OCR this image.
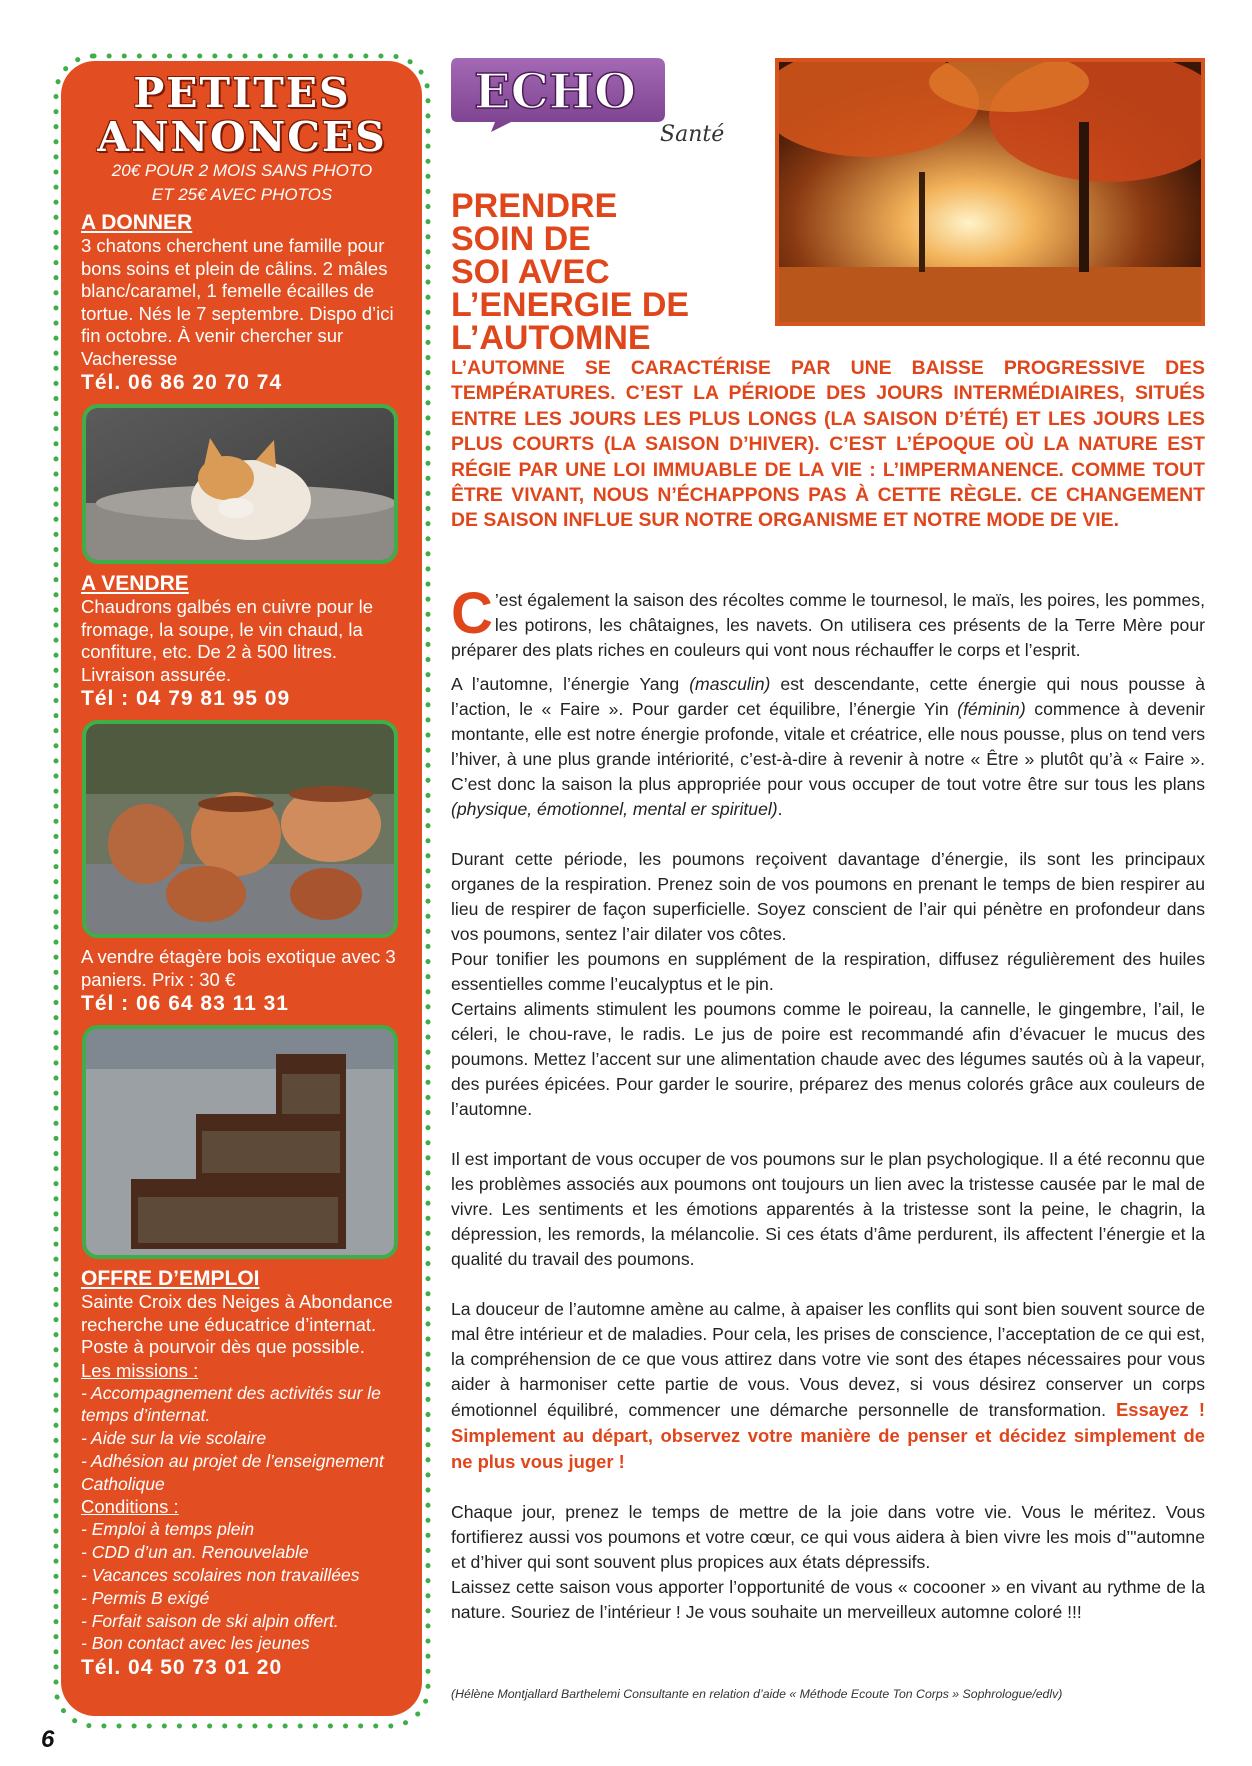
PETITES
ANNONCES
20€ POUR 2 MOIS SANS PHOTO
ET 25€ AVEC PHOTOS
A DONNER
3 chatons cherchent une famille pour bons soins et plein de câlins. 2 mâles blanc/caramel, 1 femelle écailles de tortue. Nés le 7 septembre. Dispo d’ici fin octobre. À venir chercher sur Vacheresse
Tél. 06 86 20 70 74
A VENDRE
Chaudrons galbés en cuivre pour le fromage, la soupe, le vin chaud, la confiture, etc. De 2 à 500 litres. Livraison assurée.
Tél : 04 79 81 95 09
A vendre étagère bois exotique avec 3 paniers. Prix : 30 €
Tél : 06 64 83 11 31
OFFRE D’EMPLOI
Sainte Croix des Neiges à Abondance recherche une éducatrice d’internat. Poste à pourvoir dès que possible.
Les missions :
- Accompagnement des activités sur le temps d’internat.
- Aide sur la vie scolaire
- Adhésion au projet de l’enseignement Catholique
Conditions :
- Emploi à temps plein
- CDD d’un an. Renouvelable
- Vacances scolaires non travaillées
- Permis B exigé
- Forfait saison de ski alpin offert.
- Bon contact avec les jeunes
Tél. 04 50 73 01 20
ECHO
Santé
PRENDRE
SOIN DE
SOI AVEC
L’ENERGIE DE
L’AUTOMNE
L’AUTOMNE SE CARACTÉRISE PAR UNE BAISSE PROGRESSIVE DES TEMPÉRATURES. C’EST LA PÉRIODE DES JOURS INTERMÉDIAIRES, SITUÉS ENTRE LES JOURS LES PLUS LONGS (LA SAISON D’ÉTÉ) ET LES JOURS LES PLUS COURTS (LA SAISON D’HIVER). C’EST L’ÉPOQUE OÙ LA NATURE EST RÉGIE PAR UNE LOI IMMUABLE DE LA VIE : L’IMPERMANENCE. COMME TOUT ÊTRE VIVANT, NOUS N’ÉCHAPPONS PAS À CETTE RÈGLE. CE CHANGEMENT DE SAISON INFLUE SUR NOTRE ORGANISME ET NOTRE MODE DE VIE.

C ’est également la saison des récoltes comme le tournesol, le maïs, les poires, les pommes, les potirons, les châtaignes, les navets. On utilisera ces présents de la Terre Mère pour préparer des plats riches en couleurs qui vont nous réchauffer le corps et l’esprit.

A l’automne, l’énergie Yang (masculin) est descendante, cette énergie qui nous pousse à l’action, le « Faire ». Pour garder cet équilibre, l’énergie Yin (féminin) commence à devenir montante, elle est notre énergie profonde, vitale et créatrice, elle nous pousse, plus on tend vers l’hiver, à une plus grande intériorité, c’est-à-dire à revenir à notre « Être » plutôt qu’à « Faire ». C’est donc la saison la plus appropriée pour vous occuper de tout votre être sur tous les plans (physique, émotionnel, mental er spirituel).

Durant cette période, les poumons reçoivent davantage d’énergie, ils sont les principaux organes de la respiration. Prenez soin de vos poumons en prenant le temps de bien respirer au lieu de respirer de façon superficielle. Soyez conscient de l’air qui pénètre en profondeur dans vos poumons, sentez l’air dilater vos côtes.

Pour tonifier les poumons en supplément de la respiration, diffusez régulièrement des huiles essentielles comme l’eucalyptus et le pin.

Certains aliments stimulent les poumons comme le poireau, la cannelle, le gingembre, l’ail, le céleri, le chou-rave, le radis. Le jus de poire est recommandé afin d’évacuer le mucus des poumons. Mettez l’accent sur une alimentation chaude avec des légumes sautés où à la vapeur, des purées épicées. Pour garder le sourire, préparez des menus colorés grâce aux couleurs de l’automne.

Il est important de vous occuper de vos poumons sur le plan psychologique. Il a été reconnu que les problèmes associés aux poumons ont toujours un lien avec la tristesse causée par le mal de vivre. Les sentiments et les émotions apparentés à la tristesse sont la peine, le chagrin, la dépression, les remords, la mélancolie. Si ces états d’âme perdurent, ils affectent l’énergie et la qualité du travail des poumons.

La douceur de l’automne amène au calme, à apaiser les conflits qui sont bien souvent source de mal être intérieur et de maladies. Pour cela, les prises de conscience, l’acceptation de ce qui est, la compréhension de ce que vous attirez dans votre vie sont des étapes nécessaires pour vous aider à harmoniser cette partie de vous. Vous devez, si vous désirez conserver un corps émotionnel équilibré, commencer une démarche personnelle de transformation. Essayez ! Simplement au départ, observez votre manière de penser et décidez simplement de ne plus vous juger !

Chaque jour, prenez le temps de mettre de la joie dans votre vie. Vous le méritez. Vous fortifierez aussi vos poumons et votre cœur, ce qui vous aidera à bien vivre les mois d’"automne et d’hiver qui sont souvent plus propices aux états dépressifs.

Laissez cette saison vous apporter l’opportunité de vous « cocooner » en vivant au rythme de la nature. Souriez de l’intérieur ! Je vous souhaite un merveilleux automne coloré !!!

(Hélène Montjallard Barthelemi Consultante en relation d’aide « Méthode Ecoute Ton Corps » Sophrologue/edlv)
6
